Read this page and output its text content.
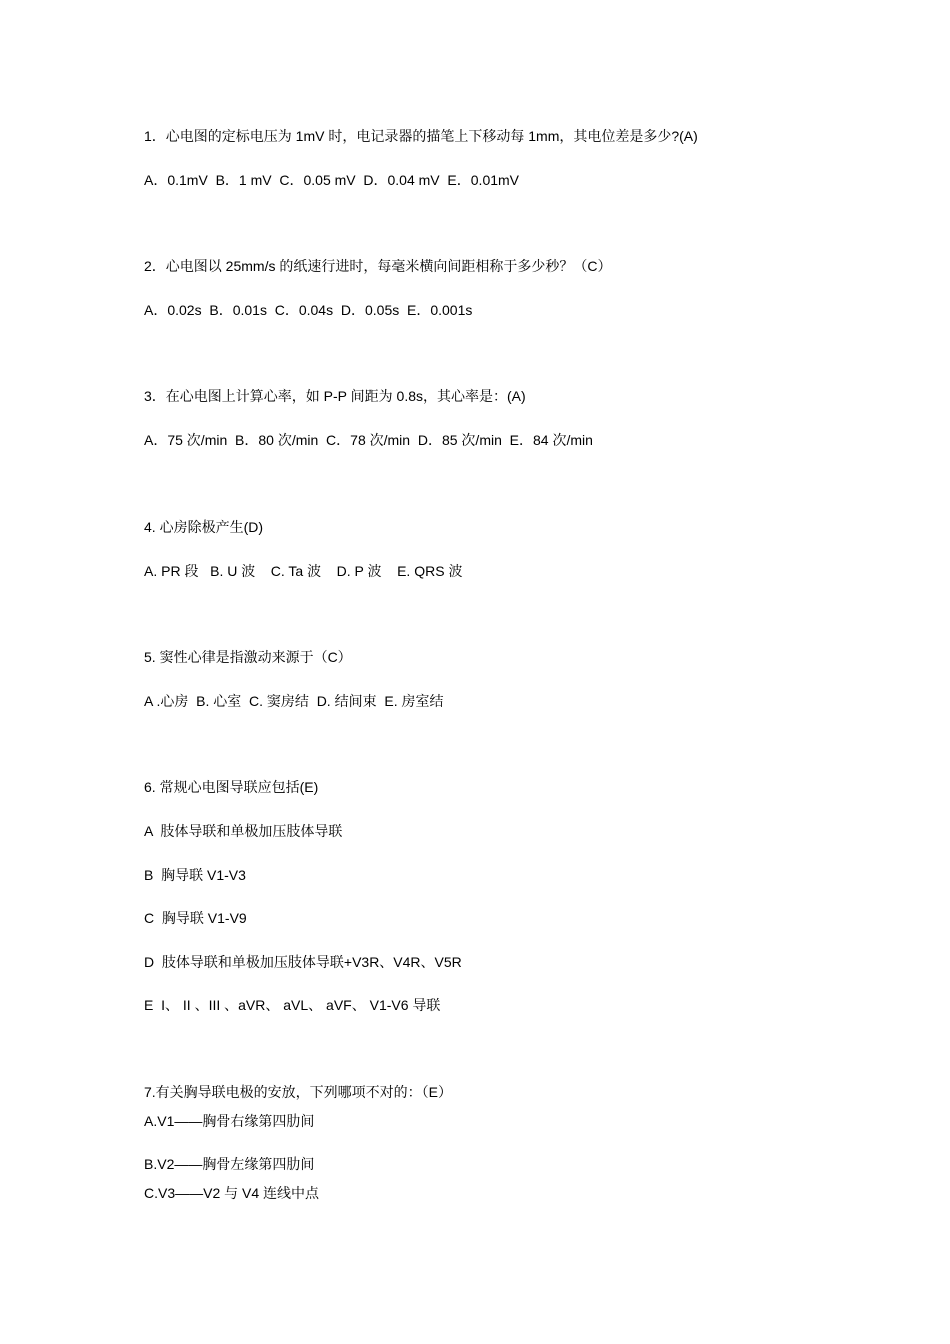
1．心电图的定标电压为 1mV 时，电记录器的描笔上下移动每 1mm，其电位差是多少?(A)
A．0.1mV  B．1 mV  C．0.05 mV  D．0.04 mV  E．0.01mV
2．心电图以 25mm/s 的纸速行进时，每毫米横向间距相称于多少秒？（C）
A．0.02s  B．0.01s  C．0.04s  D．0.05s  E．0.001s
3．在心电图上计算心率，如 P-P 间距为 0.8s，其心率是：(A)
A．75 次/min  B．80 次/min  C．78 次/min  D．85 次/min  E．84 次/min
4. 心房除极产生(D)
A. PR 段   B. U 波    C. Ta 波    D. P 波    E. QRS 波
5. 窦性心律是指激动来源于（C）
A .心房  B. 心室  C. 窦房结  D. 结间束  E. 房室结
6. 常规心电图导联应包括(E)
A  肢体导联和单极加压肢体导联
B  胸导联 V1-V3
C  胸导联 V1-V9
D  肢体导联和单极加压肢体导联+V3R、V4R、V5R
E  I、 II 、III 、aVR、 aVL、 aVF、 V1-V6 导联
7.有关胸导联电极的安放，下列哪项不对的：（E）
A.V1——胸骨右缘第四肋间
B.V2——胸骨左缘第四肋间
C.V3——V2 与 V4 连线中点
